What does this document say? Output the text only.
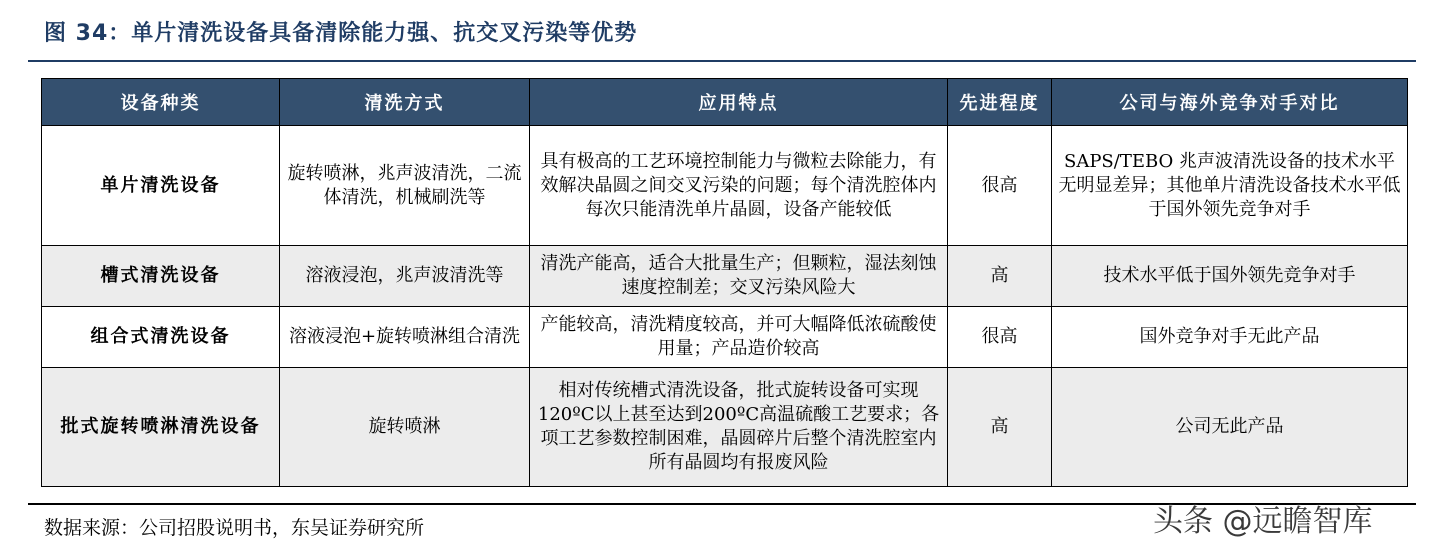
图 34：单片清洗设备具备清除能力强、抗交叉污染等优势
设备种类	清洗方式	应用特点	先进程度	公司与海外竞争对手对比
单片清洗设备	旋转喷淋，兆声波清洗，二流体清洗，机械刷洗等	具有极高的工艺环境控制能力与微粒去除能力，有效解决晶圆之间交叉污染的问题；每个清洗腔体内每次只能清洗单片晶圆，设备产能较低	很高	SAPS/TEBO 兆声波清洗设备的技术水平无明显差异；其他单片清洗设备技术水平低于国外领先竞争对手
槽式清洗设备	溶液浸泡，兆声波清洗等	清洗产能高，适合大批量生产；但颗粒，湿法刻蚀速度控制差；交叉污染风险大	高	技术水平低于国外领先竞争对手
组合式清洗设备	溶液浸泡+旋转喷淋组合清洗	产能较高，清洗精度较高，并可大幅降低浓硫酸使用量；产品造价较高	很高	国外竞争对手无此产品
批式旋转喷淋清洗设备	旋转喷淋	相对传统槽式清洗设备，批式旋转设备可实现120ºC以上甚至达到200ºC高温硫酸工艺要求；各项工艺参数控制困难，晶圆碎片后整个清洗腔室内所有晶圆均有报废风险	高	公司无此产品
数据来源：公司招股说明书，东吴证券研究所	头条 @远瞻智库
